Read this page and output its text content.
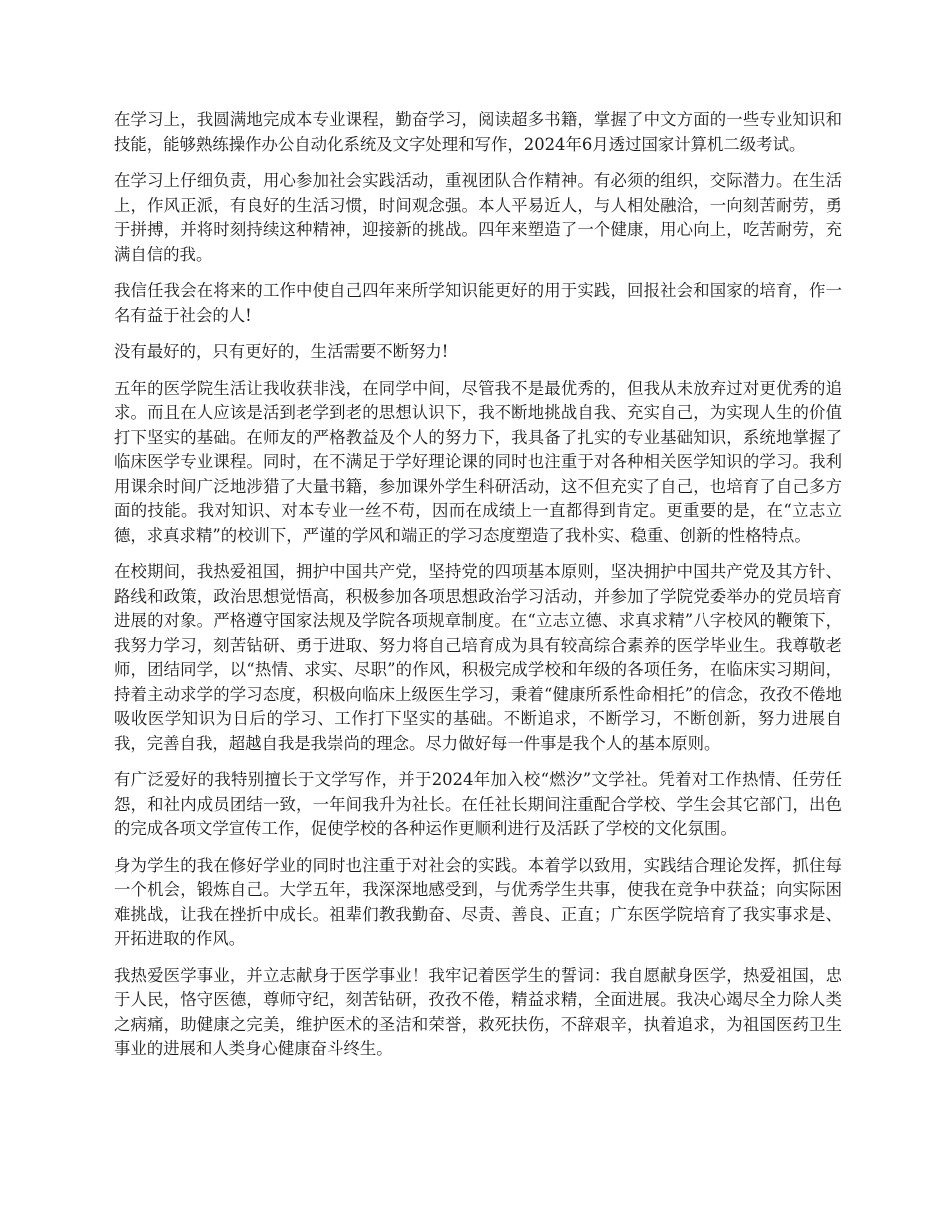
在学习上，我圆满地完成本专业课程，勤奋学习，阅读超多书籍，掌握了中文方面的一些专业知识和技能，能够熟练操作办公自动化系统及文字处理和写作，2024年6月透过国家计算机二级考试。

在学习上仔细负责，用心参加社会实践活动，重视团队合作精神。有必须的组织，交际潜力。在生活上，作风正派，有良好的生活习惯，时间观念强。本人平易近人，与人相处融洽，一向刻苦耐劳，勇于拼搏，并将时刻持续这种精神，迎接新的挑战。四年来塑造了一个健康，用心向上，吃苦耐劳，充满自信的我。

我信任我会在将来的工作中使自己四年来所学知识能更好的用于实践，回报社会和国家的培育，作一名有益于社会的人!

没有最好的，只有更好的，生活需要不断努力!

五年的医学院生活让我收获非浅，在同学中间，尽管我不是最优秀的，但我从未放弃过对更优秀的追求。而且在人应该是活到老学到老的思想认识下，我不断地挑战自我、充实自己，为实现人生的价值打下坚实的基础。在师友的严格教益及个人的努力下，我具备了扎实的专业基础知识，系统地掌握了临床医学专业课程。同时，在不满足于学好理论课的同时也注重于对各种相关医学知识的学习。我利用课余时间广泛地涉猎了大量书籍，参加课外学生科研活动，这不但充实了自己，也培育了自己多方面的技能。我对知识、对本专业一丝不苟，因而在成绩上一直都得到肯定。更重要的是，在“立志立德，求真求精”的校训下，严谨的学风和端正的学习态度塑造了我朴实、稳重、创新的性格特点。

在校期间，我热爱祖国，拥护中国共产党，坚持党的四项基本原则，坚决拥护中国共产党及其方针、路线和政策，政治思想觉悟高，积极参加各项思想政治学习活动，并参加了学院党委举办的党员培育进展的对象。严格遵守国家法规及学院各项规章制度。在“立志立德、求真求精”八字校风的鞭策下，我努力学习，刻苦钻研、勇于进取、努力将自己培育成为具有较高综合素养的医学毕业生。我尊敬老师，团结同学，以“热情、求实、尽职”的作风，积极完成学校和年级的各项任务，在临床实习期间，持着主动求学的学习态度，积极向临床上级医生学习，秉着“健康所系性命相托”的信念，孜孜不倦地吸收医学知识为日后的学习、工作打下坚实的基础。不断追求，不断学习，不断创新，努力进展自我，完善自我，超越自我是我崇尚的理念。尽力做好每一件事是我个人的基本原则。

有广泛爱好的我特别擅长于文学写作，并于2024年加入校“燃汐”文学社。凭着对工作热情、任劳任怨，和社内成员团结一致，一年间我升为社长。在任社长期间注重配合学校、学生会其它部门，出色的完成各项文学宣传工作，促使学校的各种运作更顺利进行及活跃了学校的文化氛围。

身为学生的我在修好学业的同时也注重于对社会的实践。本着学以致用，实践结合理论发挥，抓住每一个机会，锻炼自己。大学五年，我深深地感受到，与优秀学生共事，使我在竞争中获益；向实际困难挑战，让我在挫折中成长。祖辈们教我勤奋、尽责、善良、正直；广东医学院培育了我实事求是、开拓进取的作风。

我热爱医学事业，并立志献身于医学事业！我牢记着医学生的誓词：我自愿献身医学，热爱祖国，忠于人民，恪守医德，尊师守纪，刻苦钻研，孜孜不倦，精益求精，全面进展。我决心竭尽全力除人类之病痛，助健康之完美，维护医术的圣洁和荣誉，救死扶伤，不辞艰辛，执着追求，为祖国医药卫生事业的进展和人类身心健康奋斗终生。
